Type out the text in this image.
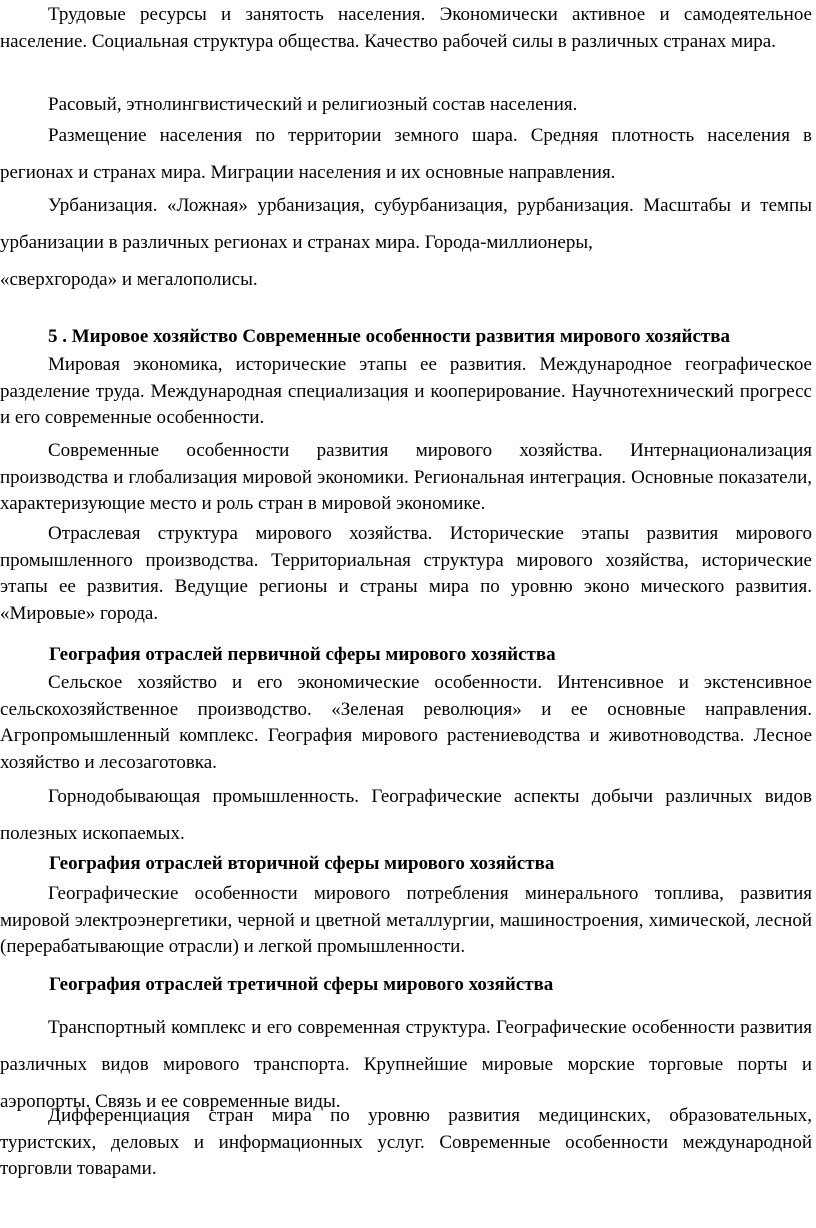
Трудовые ресурсы и занятость населения. Экономически активное и самодеятельное население. Социальная структура общества. Качество рабочей силы в различных странах мира.

Расовый, этнолингвистический и религиозный состав населения.

Размещение населения по территории земного шара. Средняя плотность населения в регионах и странах мира. Миграции населения и их основные направления.

Урбанизация. «Ложная» урбанизация, субурбанизация, рурбанизация. Масштабы и темпы урбанизации в различных регионах и странах мира. Города-миллионеры,
«сверхгорода» и мегалополисы.

5 . Мировое хозяйство Современные особенности развития мирового хозяйства

Мировая экономика, исторические этапы ее развития. Международное географическое разделение труда. Международная специализация и кооперирование. Научнотехнический прогресс и его современные особенности.

Современные особенности развития мирового хозяйства. Интернационализация производства и глобализация мировой экономики. Региональная интеграция. Основные показатели, характеризующие место и роль стран в мировой экономике.

Отраслевая структура мирового хозяйства. Исторические этапы развития мирового промышленного производства. Территориальная структура мирового хозяйства, исторические этапы ее развития. Ведущие регионы и страны мира по уровню эконо мического развития. «Мировые» города.

География отраслей первичной сферы мирового хозяйства

Сельское хозяйство и его экономические особенности. Интенсивное и экстенсивное сельскохозяйственное производство. «Зеленая революция» и ее основные направления. Агропромышленный комплекс. География мирового растениеводства и животноводства. Лесное хозяйство и лесозаготовка.

Горнодобывающая промышленность. Географические аспекты добычи различных видов полезных ископаемых.

География отраслей вторичной сферы мирового хозяйства

Географические особенности мирового потребления минерального топлива, развития мировой электроэнергетики, черной и цветной металлургии, машиностроения, химической, лесной (перерабатывающие отрасли) и легкой промышленности.

География отраслей третичной сферы мирового хозяйства

Транспортный комплекс и его современная структура. Географические особенности развития различных видов мирового транспорта. Крупнейшие мировые морские торговые порты и аэропорты. Связь и ее современные виды.

Дифференциация стран мира по уровню развития медицинских, образовательных, туристских, деловых и информационных услуг. Современные особенности международной торговли товарами.
